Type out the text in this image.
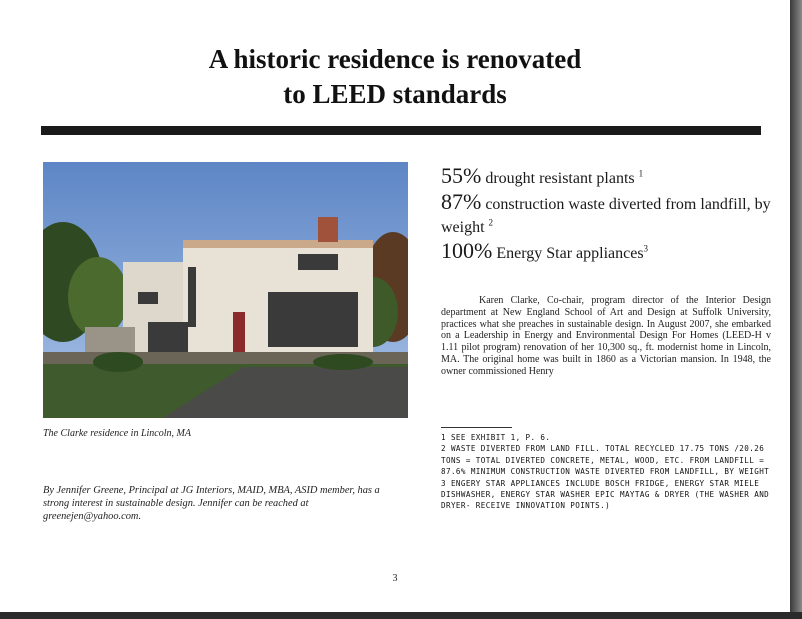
A historic residence is renovated
to LEED standards
The Clarke residence in Lincoln, MA
By Jennifer Greene, Principal at JG Interiors, MAID, MBA, ASID member, has a strong interest in sustainable design. Jennifer can be reached at greenejen@yahoo.com.
55% drought resistant plants $^1$
87% construction waste diverted from landfill, by weight $^2$
100% Energy Star appliances$^3$

Karen Clarke, Co-chair, program director of the Interior Design department at New England School of Art and Design at Suffolk University, practices what she preaches in sustainable design. In August 2007, she embarked on a Leadership in Energy and Environmental Design For Homes (LEED-H v 1.11 pilot program) renovation of her 10,300 sq., ft. modernist home in Lincoln, MA. The original home was built in 1860 as a Victorian mansion. In 1948, the owner commissioned Henry

1 SEE EXHIBIT 1, P. 6.
2 WASTE DIVERTED FROM LAND FILL. TOTAL RECYCLED 17.75 TONS /20.26 TONS = TOTAL DIVERTED CONCRETE, METAL, WOOD, ETC. FROM LANDFILL = 87.6% MINIMUM CONSTRUCTION WASTE DIVERTED FROM LANDFILL, BY WEIGHT
3 ENGERY STAR APPLIANCES INCLUDE BOSCH FRIDGE, ENERGY STAR MIELE DISHWASHER, ENERGY STAR WASHER EPIC MAYTAG & DRYER (THE WASHER AND DRYER- RECEIVE INNOVATION POINTS.)
3
